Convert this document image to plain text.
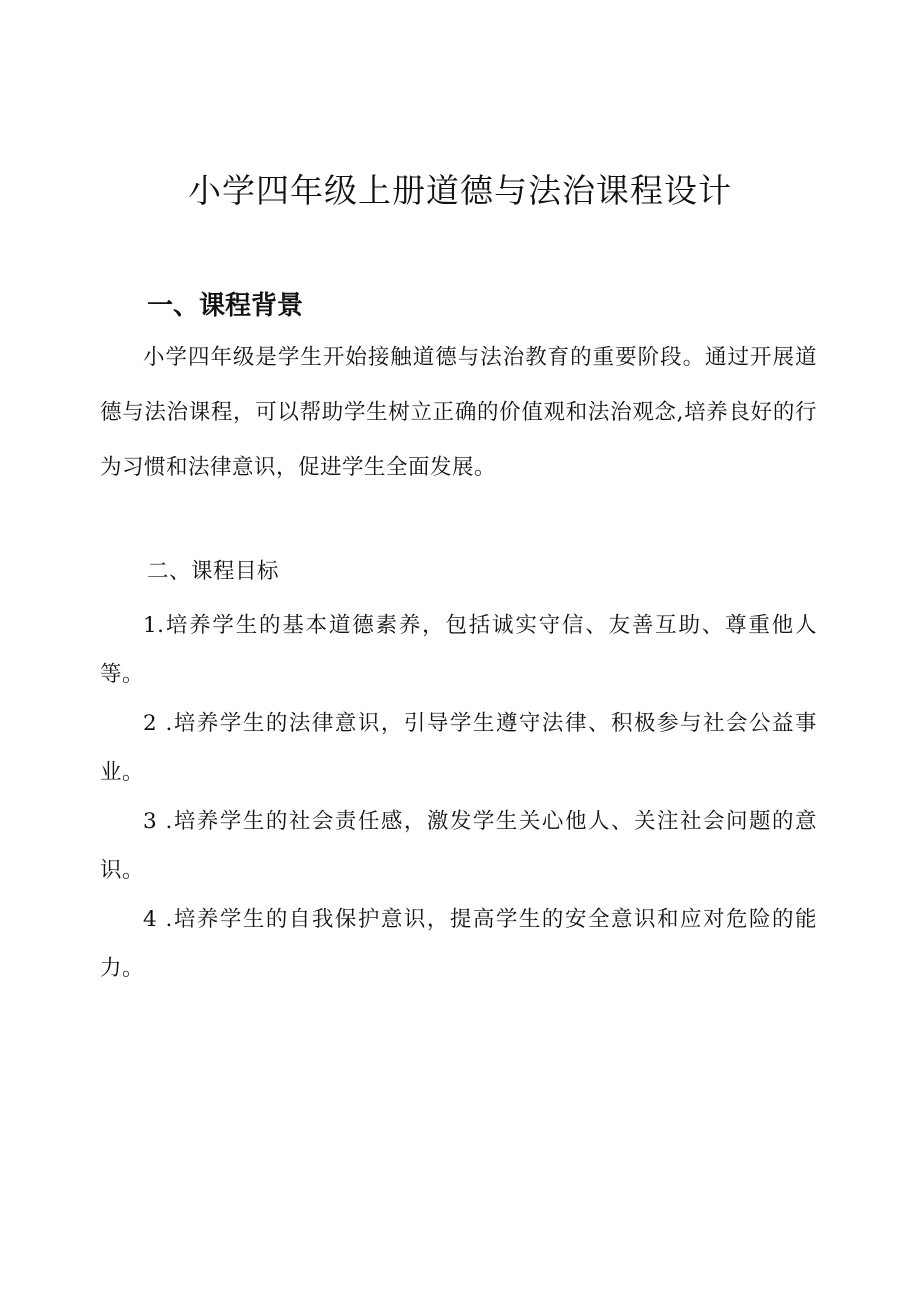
小学四年级上册道德与法治课程设计
一、课程背景

小学四年级是学生开始接触道德与法治教育的重要阶段。通过开展道德与法治课程，可以帮助学生树立正确的价值观和法治观念,培养良好的行为习惯和法律意识，促进学生全面发展。

二、课程目标
1.培养学生的基本道德素养，包括诚实守信、友善互助、尊重他人等。
2 .培养学生的法律意识，引导学生遵守法律、积极参与社会公益事业。
3 .培养学生的社会责任感，激发学生关心他人、关注社会问题的意识。
4 .培养学生的自我保护意识，提高学生的安全意识和应对危险的能力。
